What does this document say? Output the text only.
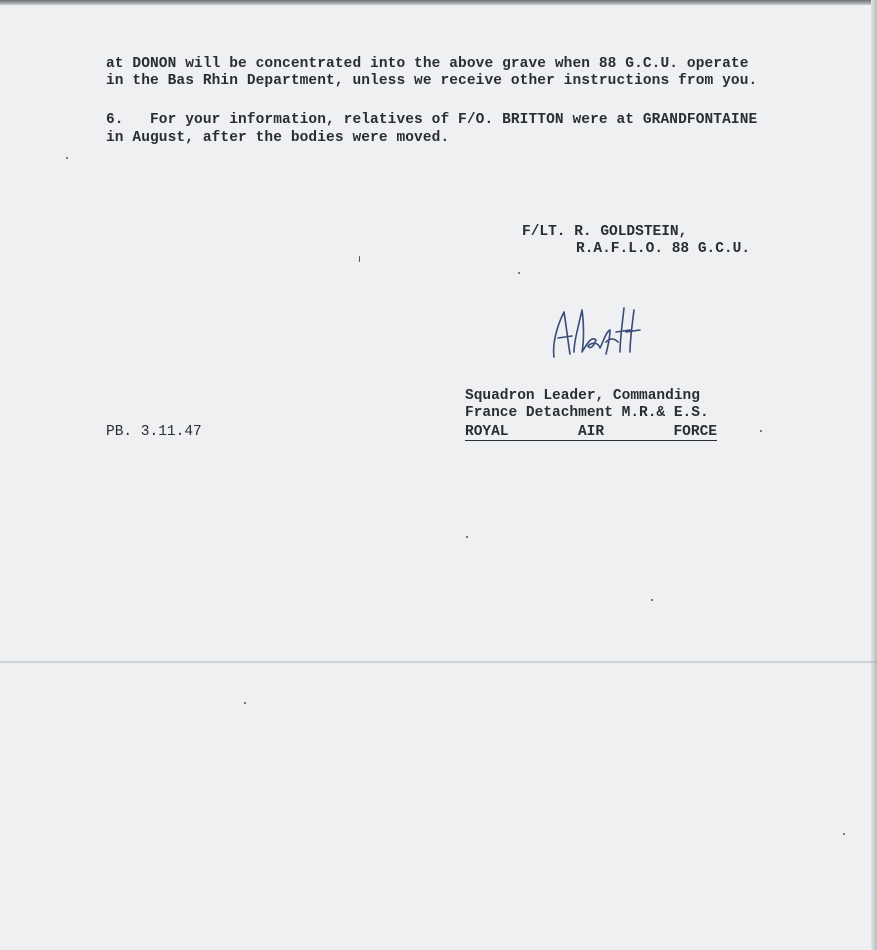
at DONON will be concentrated into the above grave when 88 G.C.U. operate
in the Bas Rhin Department, unless we receive other instructions from you.
6.   For your information, relatives of F/O. BRITTON were at GRANDFONTAINE
in August, after the bodies were moved.
F/LT. R. GOLDSTEIN,
R.A.F.L.O. 88 G.C.U.
Squadron Leader, Commanding
France Detachment M.R.& E.S.
ROYAL	AIR	FORCE
PB. 3.11.47
